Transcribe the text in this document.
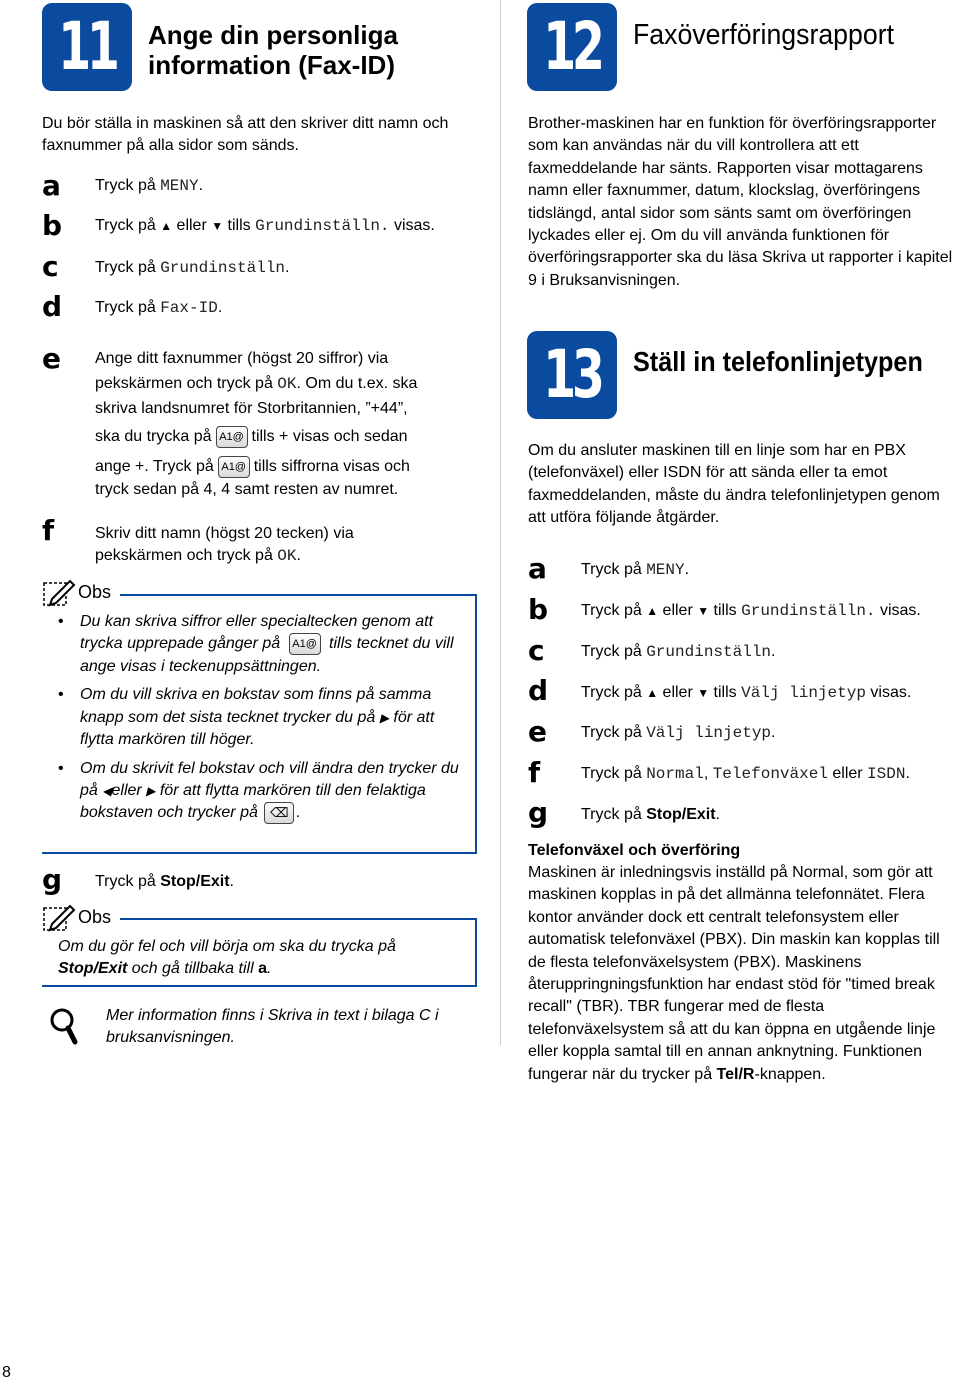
11	Ange din personliga
information (Fax-ID)
Du bör ställa in maskinen så att den skriver ditt namn och faxnummer på alla sidor som sänds.
a Tryck på MENY.
b Tryck på ▲ eller ▼ tills Grundinställn. visas.
c Tryck på Grundinställn.
d Tryck på Fax-ID.
e Ange ditt faxnummer (högst 20 siffror) via
pekskärmen och tryck på OK. Om du t.ex. ska
skriva landsnumret för Storbritannien, ”+44”,
ska du trycka på A1@ tills + visas och sedan
ange +. Tryck på A1@ tills siffrorna visas och
tryck sedan på 4, 4 samt resten av numret.
f	Skriv ditt namn (högst 20 tecken) via
pekskärmen och tryck på OK.
Obs
• Du kan skriva siffror eller specialtecken genom att trycka upprepade gånger på A1@ tills tecknet du vill ange visas i teckenuppsättningen.
• Om du vill skriva en bokstav som finns på samma knapp som det sista tecknet trycker du på ▶ för att flytta markören till höger.
• Om du skrivit fel bokstav och vill ändra den trycker du på ◀eller ▶ för att flytta markören till den felaktiga bokstaven och trycker på ⌫ .
g Tryck på Stop/Exit.
Obs
Om du gör fel och vill börja om ska du trycka på Stop/Exit och gå tillbaka till a.
Mer information finns i Skriva in text i bilaga C i bruksanvisningen.
8
12	Faxöverföringsrapport
Brother-maskinen har en funktion för överföringsrapporter som kan användas när du vill kontrollera att ett faxmeddelande har sänts. Rapporten visar mottagarens namn eller faxnummer, datum, klockslag, överföringens tidslängd, antal sidor som sänts samt om överföringen lyckades eller ej. Om du vill använda funktionen för överföringsrapporter ska du läsa Skriva ut rapporter i kapitel 9 i Bruksanvisningen.
13	Ställ in telefonlinjetypen
Om du ansluter maskinen till en linje som har en PBX (telefonväxel) eller ISDN för att sända eller ta emot faxmeddelanden, måste du ändra telefonlinjetypen genom att utföra följande åtgärder.
a Tryck på MENY.
b Tryck på ▲ eller ▼ tills Grundinställn. visas.
c Tryck på Grundinställn.
d Tryck på ▲ eller ▼ tills Välj linjetyp visas.
e Tryck på Välj linjetyp.
f	Tryck på Normal, Telefonväxel eller ISDN.
g Tryck på Stop/Exit.
Telefonväxel och överföring
Maskinen är inledningsvis inställd på Normal, som gör att maskinen kopplas in på det allmänna telefonnätet. Flera kontor använder dock ett centralt telefonsystem eller automatisk telefonväxel (PBX). Din maskin kan kopplas till de flesta telefonväxelsystem (PBX). Maskinens återuppringningsfunktion har endast stöd för "timed break recall" (TBR). TBR fungerar med de flesta telefonväxelsystem så att du kan öppna en utgående linje eller koppla samtal till en annan anknytning. Funktionen fungerar när du trycker på Tel/R-knappen.
